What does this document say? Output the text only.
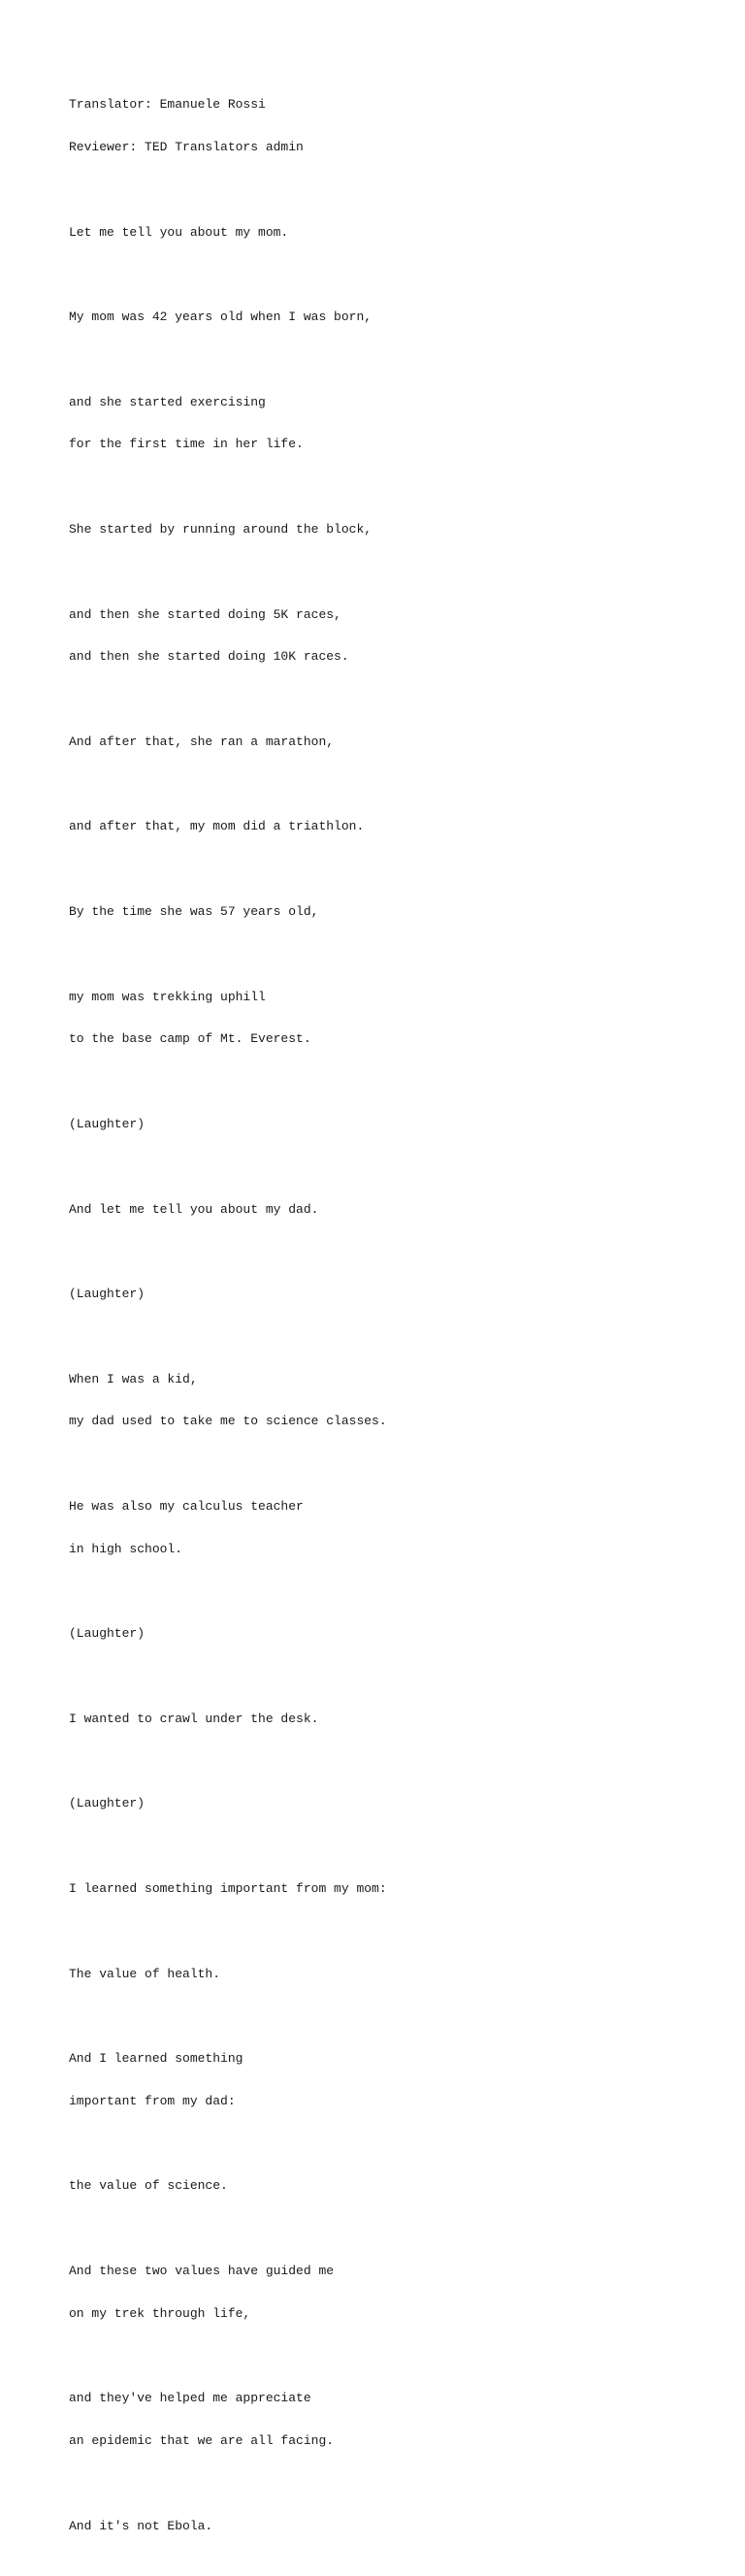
Translator: Emanuele Rossi

Reviewer: TED Translators admin

Let me tell you about my mom.

My mom was 42 years old when I was born,

and she started exercising

for the first time in her life.

She started by running around the block,

and then she started doing 5K races,

and then she started doing 10K races.

And after that, she ran a marathon,

and after that, my mom did a triathlon.

By the time she was 57 years old,

my mom was trekking uphill

to the base camp of Mt. Everest.

(Laughter)

And let me tell you about my dad.

(Laughter)

When I was a kid,

my dad used to take me to science classes.

He was also my calculus teacher

in high school.

(Laughter)

I wanted to crawl under the desk.

(Laughter)

I learned something important from my mom:

The value of health.

And I learned something

important from my dad:

the value of science.

And these two values have guided me

on my trek through life,

and they've helped me appreciate

an epidemic that we are all facing.

And it's not Ebola.
